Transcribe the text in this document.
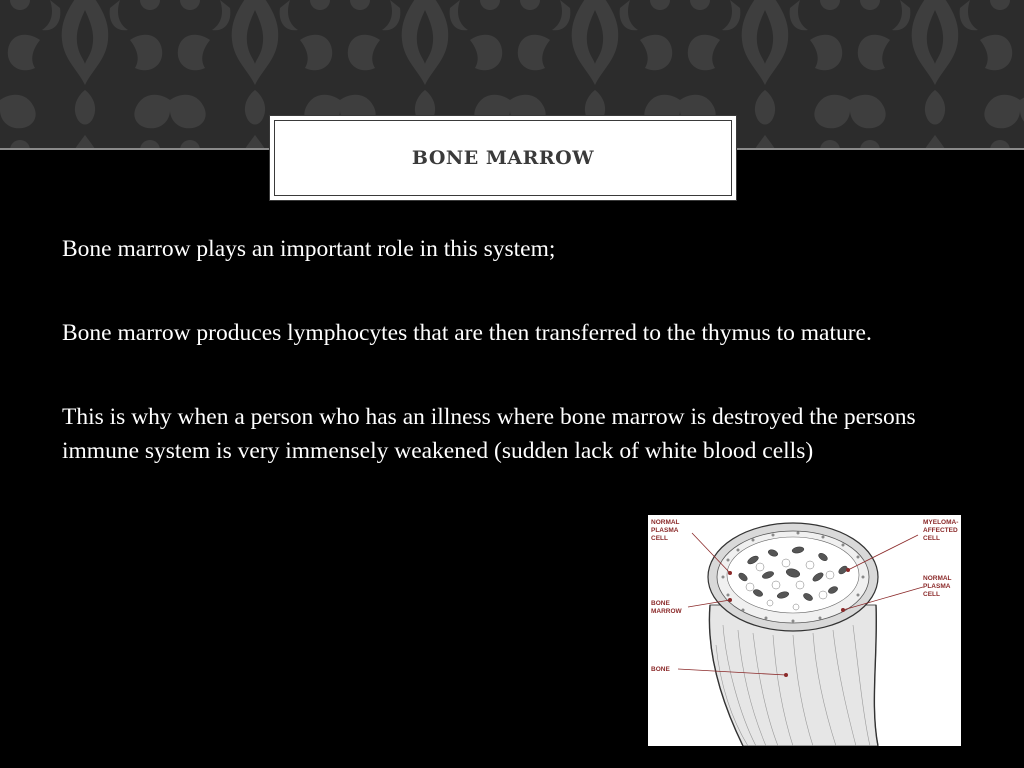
BONE MARROW

Bone marrow plays an important role in this system;

Bone marrow produces lymphocytes that are then transferred to the thymus to mature.

This is why when a person who has an illness where bone marrow is destroyed the persons immune system is very immensely weakened (sudden lack of white blood cells)

NORMAL PLASMA CELL
BONE MARROW
BONE
MYELOMA- AFFECTED CELL
NORMAL PLASMA CELL
